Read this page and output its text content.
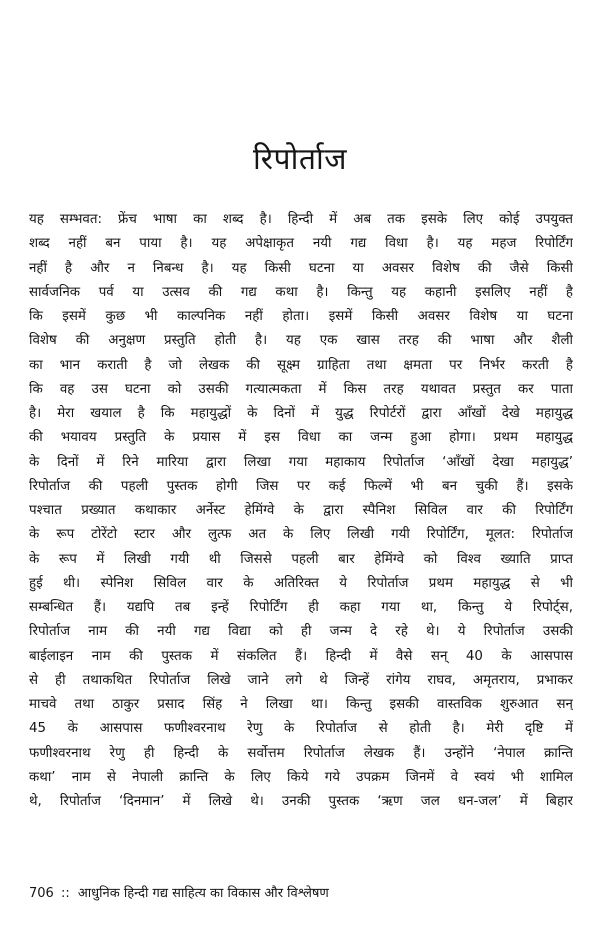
रिपोर्ताज
यह सम्भवत: फ्रेंच भाषा का शब्द है। हिन्दी में अब तक इसके लिए कोई उपयुक्त
शब्द नहीं बन पाया है। यह अपेक्षाकृत नयी गद्य विधा है। यह महज रिपोर्टिंग
नहीं है और न निबन्ध है। यह किसी घटना या अवसर विशेष की जैसे किसी
सार्वजनिक पर्व या उत्सव की गद्य कथा है। किन्तु यह कहानी इसलिए नहीं है
कि इसमें कुछ भी काल्पनिक नहीं होता। इसमें किसी अवसर विशेष या घटना
विशेष की अनुक्षण प्रस्तुति होती है। यह एक खास तरह की भाषा और शैली
का भान कराती है जो लेखक की सूक्ष्म ग्राहिता तथा क्षमता पर निर्भर करती है
कि वह उस घटना को उसकी गत्यात्मकता में किस तरह यथावत प्रस्तुत कर पाता
है। मेरा खयाल है कि महायुद्धों के दिनों में युद्ध रिपोर्टरों द्वारा आँखों देखे महायुद्ध
की भयावय प्रस्तुति के प्रयास में इस विधा का जन्म हुआ होगा। प्रथम महायुद्ध
के दिनों में रिने मारिया द्वारा लिखा गया महाकाय रिपोर्ताज ‘आँखों देखा महायुद्ध’
रिपोर्ताज की पहली पुस्तक होगी जिस पर कई फिल्में भी बन चुकी हैं। इसके
पश्चात प्रख्यात कथाकार अर्नेस्ट हेमिंग्वे के द्वारा स्पैनिश सिविल वार की रिपोर्टिंग
के रूप टोरेंटो स्टार और लुत्फ अत के लिए लिखी गयी रिपोर्टिंग, मूलत: रिपोर्ताज
के रूप में लिखी गयी थी जिससे पहली बार हेमिंग्वे को विश्व ख्याति प्राप्त
हुई थी। स्पेनिश सिविल वार के अतिरिक्त ये रिपोर्ताज प्रथम महायुद्ध से भी
सम्बन्धित हैं। यद्यपि तब इन्हें रिपोर्टिंग ही कहा गया था, किन्तु ये रिपोर्ट्स,
रिपोर्ताज नाम की नयी गद्य विद्या को ही जन्म दे रहे थे। ये रिपोर्ताज उसकी
बाईलाइन नाम की पुस्तक में संकलित हैं। हिन्दी में वैसे सन् 40 के आसपास
से ही तथाकथित रिपोर्ताज लिखे जाने लगे थे जिन्हें रांगेय राघव, अमृतराय, प्रभाकर
माचवे तथा ठाकुर प्रसाद सिंह ने लिखा था। किन्तु इसकी वास्तविक शुरुआत सन्
45 के आसपास फणीश्वरनाथ रेणु के रिपोर्ताज से होती है। मेरी दृष्टि में
फणीश्वरनाथ रेणु ही हिन्दी के सर्वोत्तम रिपोर्ताज लेखक हैं। उन्होंने ‘नेपाल क्रान्ति
कथा’ नाम से नेपाली क्रान्ति के लिए किये गये उपक्रम जिनमें वे स्वयं भी शामिल
थे, रिपोर्ताज ‘दिनमान’ में लिखे थे। उनकी पुस्तक ‘ऋण जल धन-जल’ में बिहार
706 :: आधुनिक हिन्दी गद्य साहित्य का विकास और विश्लेषण
